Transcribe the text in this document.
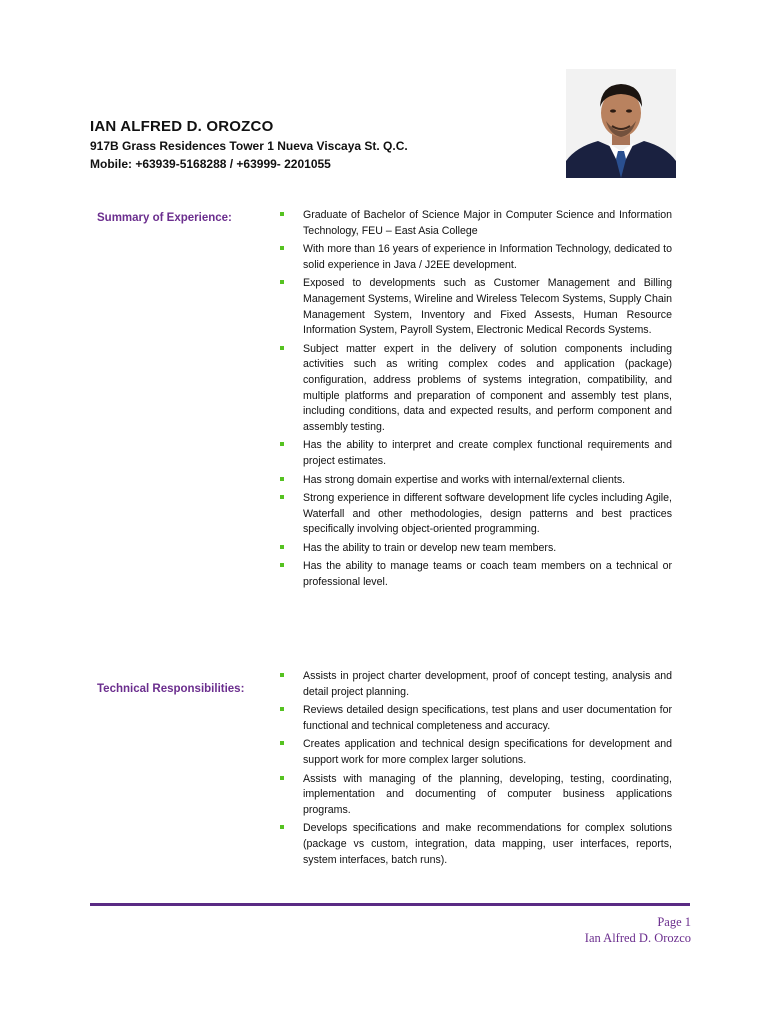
IAN ALFRED D. OROZCO
917B Grass Residences Tower 1 Nueva Viscaya St. Q.C.
Mobile: +63939-5168288 / +63999- 2201055
Summary of Experience:	Graduate of Bachelor of Science Major in Computer Science and Information Technology, FEU – East Asia College
With more than 16 years of experience in Information Technology, dedicated to solid experience in Java / J2EE development.
Exposed to developments such as Customer Management and Billing Management Systems, Wireline and Wireless Telecom Systems, Supply Chain Management System, Inventory and Fixed Assests, Human Resource Information System, Payroll System, Electronic Medical Records Systems.
Subject matter expert in the delivery of solution components including activities such as writing complex codes and application (package) configuration, address problems of systems integration, compatibility, and multiple platforms and preparation of component and assembly test plans, including conditions, data and expected results, and perform component and assembly testing.
Has the ability to interpret and create complex functional requirements and project estimates.
Has strong domain expertise and works with internal/external clients.
Strong experience in different software development life cycles including Agile, Waterfall and other methodologies, design patterns and best practices specifically involving object-oriented programming.
Has the ability to train or develop new team members.
Has the ability to manage teams or coach team members on a technical or professional level.
Technical Responsibilities:
Assists in project charter development, proof of concept testing, analysis and detail project planning.
Reviews detailed design specifications, test plans and user documentation for functional and technical completeness and accuracy.
Creates application and technical design specifications for development and support work for more complex larger solutions.
Assists with managing of the planning, developing, testing, coordinating, implementation and documenting of computer business applications programs.
Develops specifications and make recommendations for complex solutions (package vs custom, integration, data mapping, user interfaces, reports, system interfaces, batch runs).
Page 1
Ian Alfred D. Orozco
